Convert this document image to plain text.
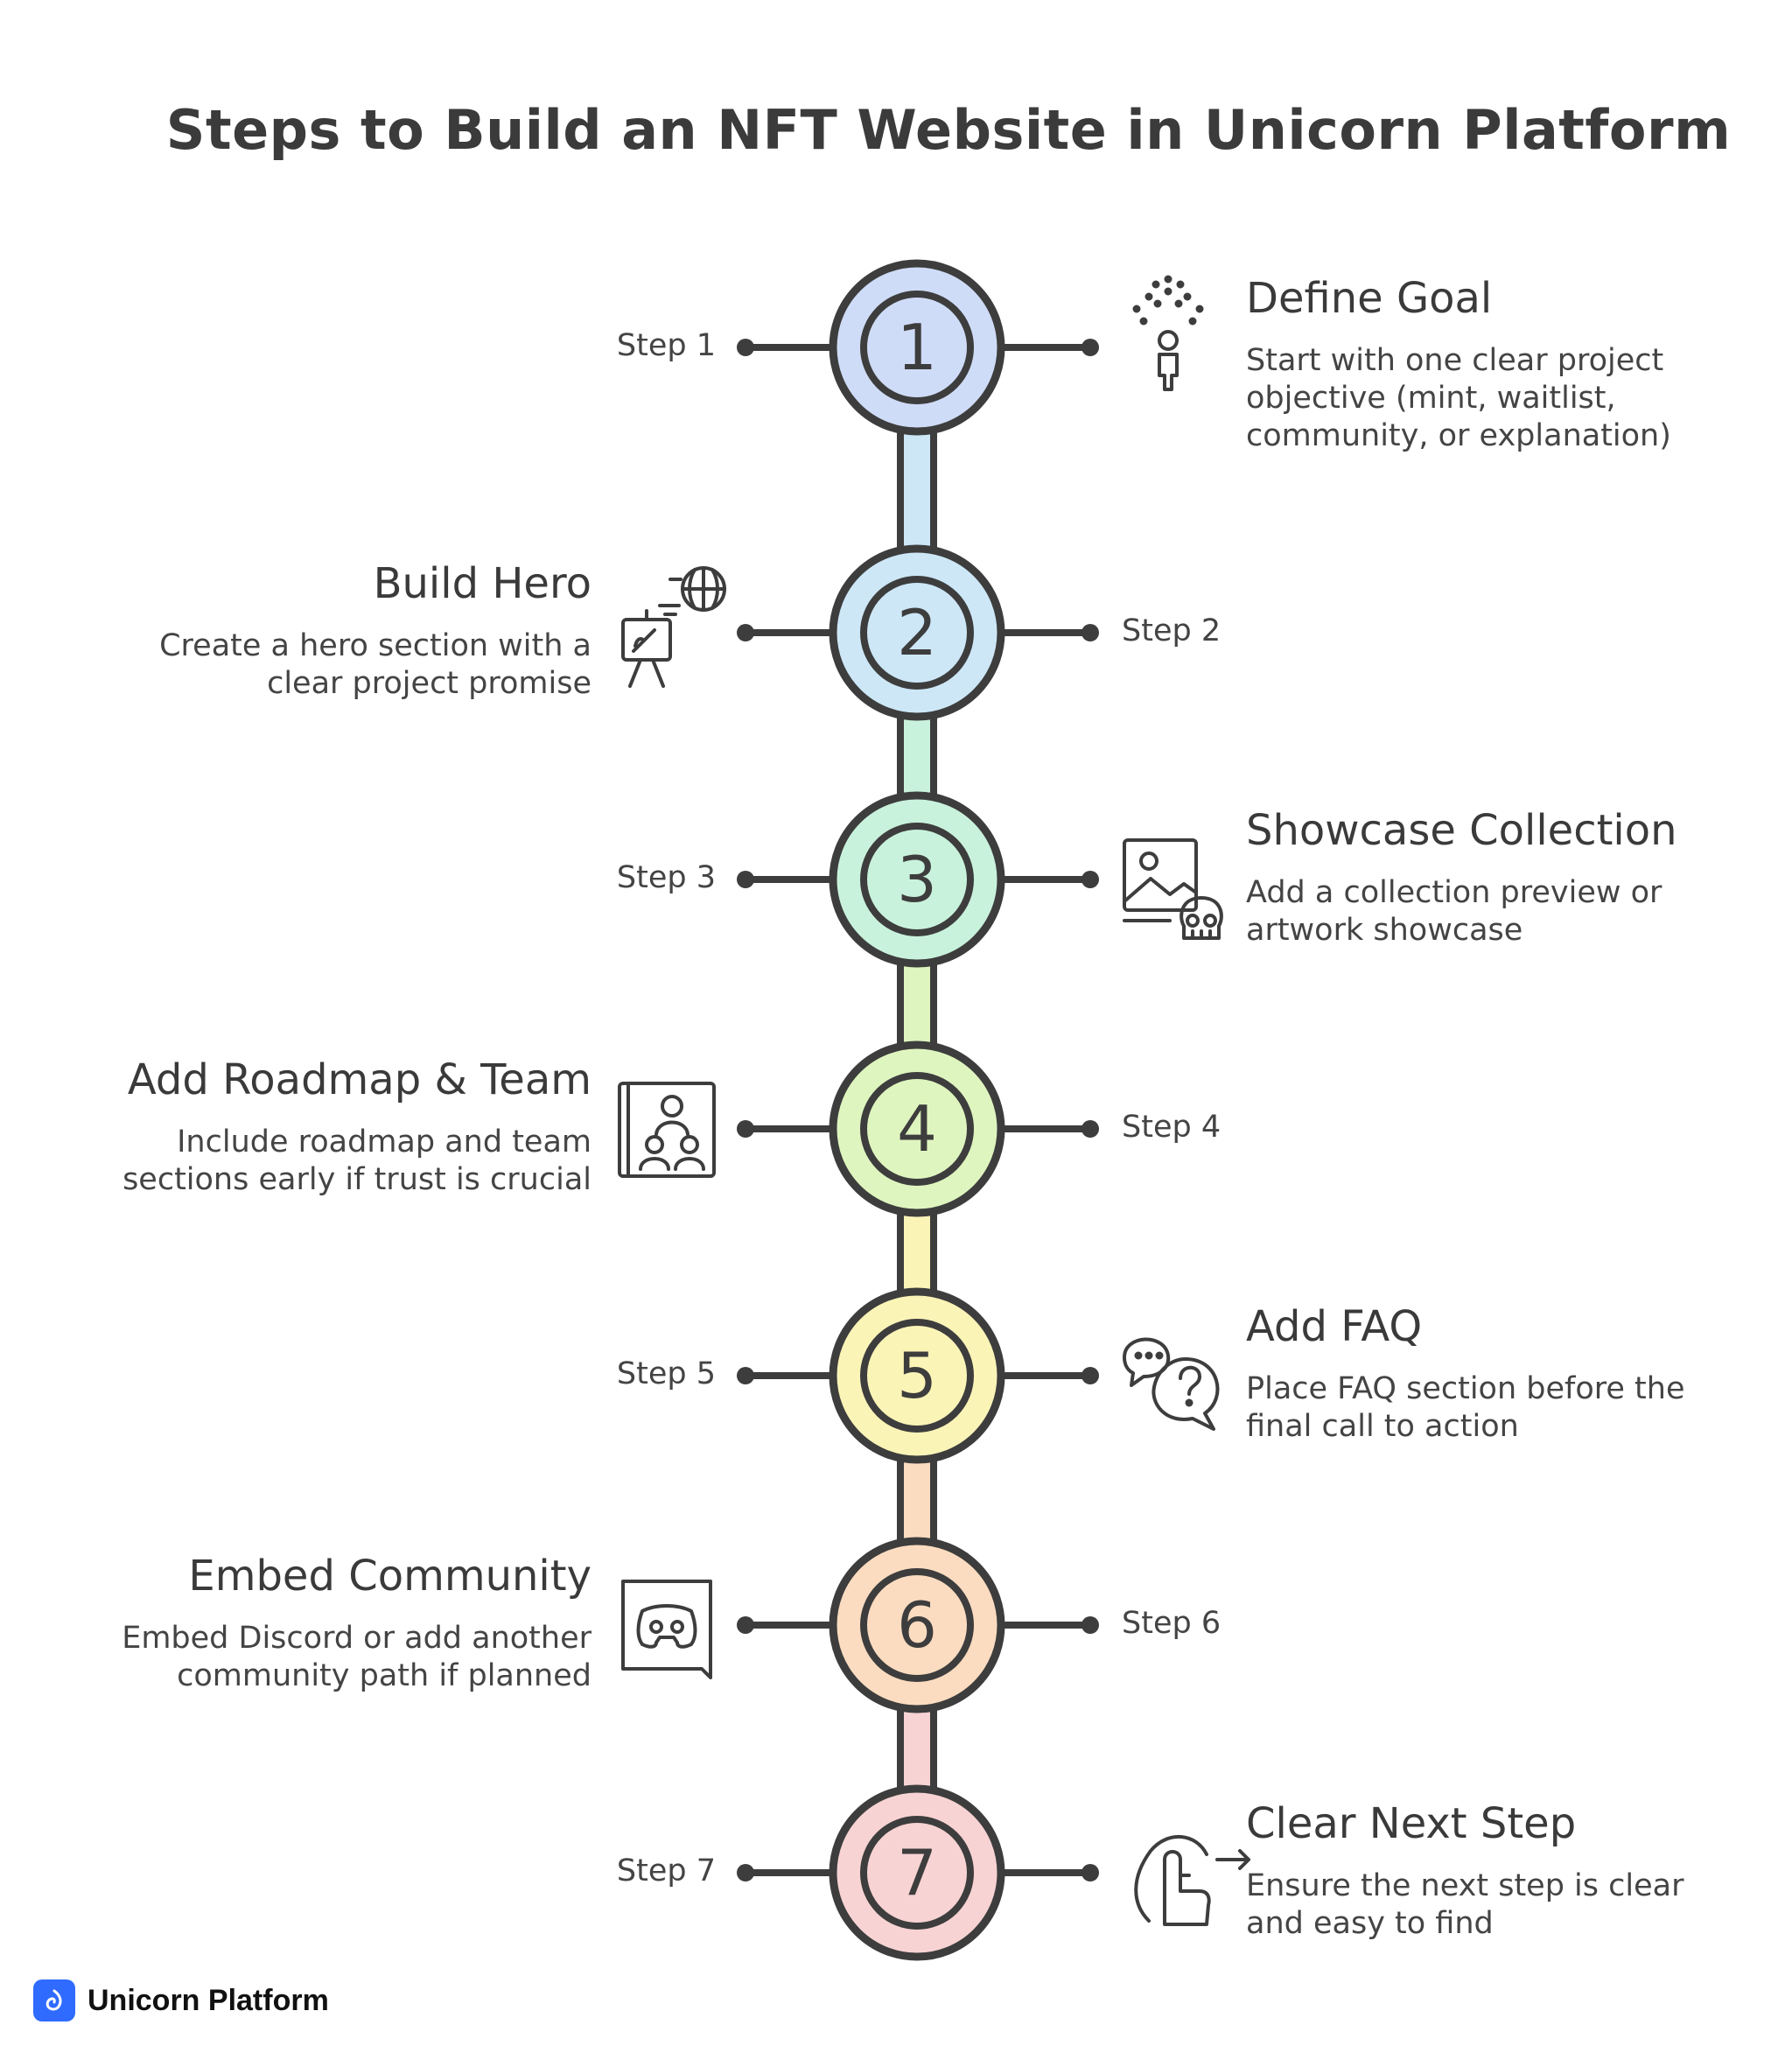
Steps to Build an NFT Website in Unicorn Platform
1
2
3
4
5
6
7
Step 1
Define Goal
Start with one clear project
objective (mint, waitlist,
community, or explanation)
Step 2
Build Hero
Create a hero section with a
clear project promise
Step 3
Showcase Collection
Add a collection preview or
artwork showcase
Step 4
Add Roadmap & Team
Include roadmap and team
sections early if trust is crucial
Step 5
Add FAQ
Place FAQ section before the
final call to action
Step 6
Embed Community
Embed Discord or add another
community path if planned
Step 7
Clear Next Step
Ensure the next step is clear
and easy to find
Unicorn Platform
